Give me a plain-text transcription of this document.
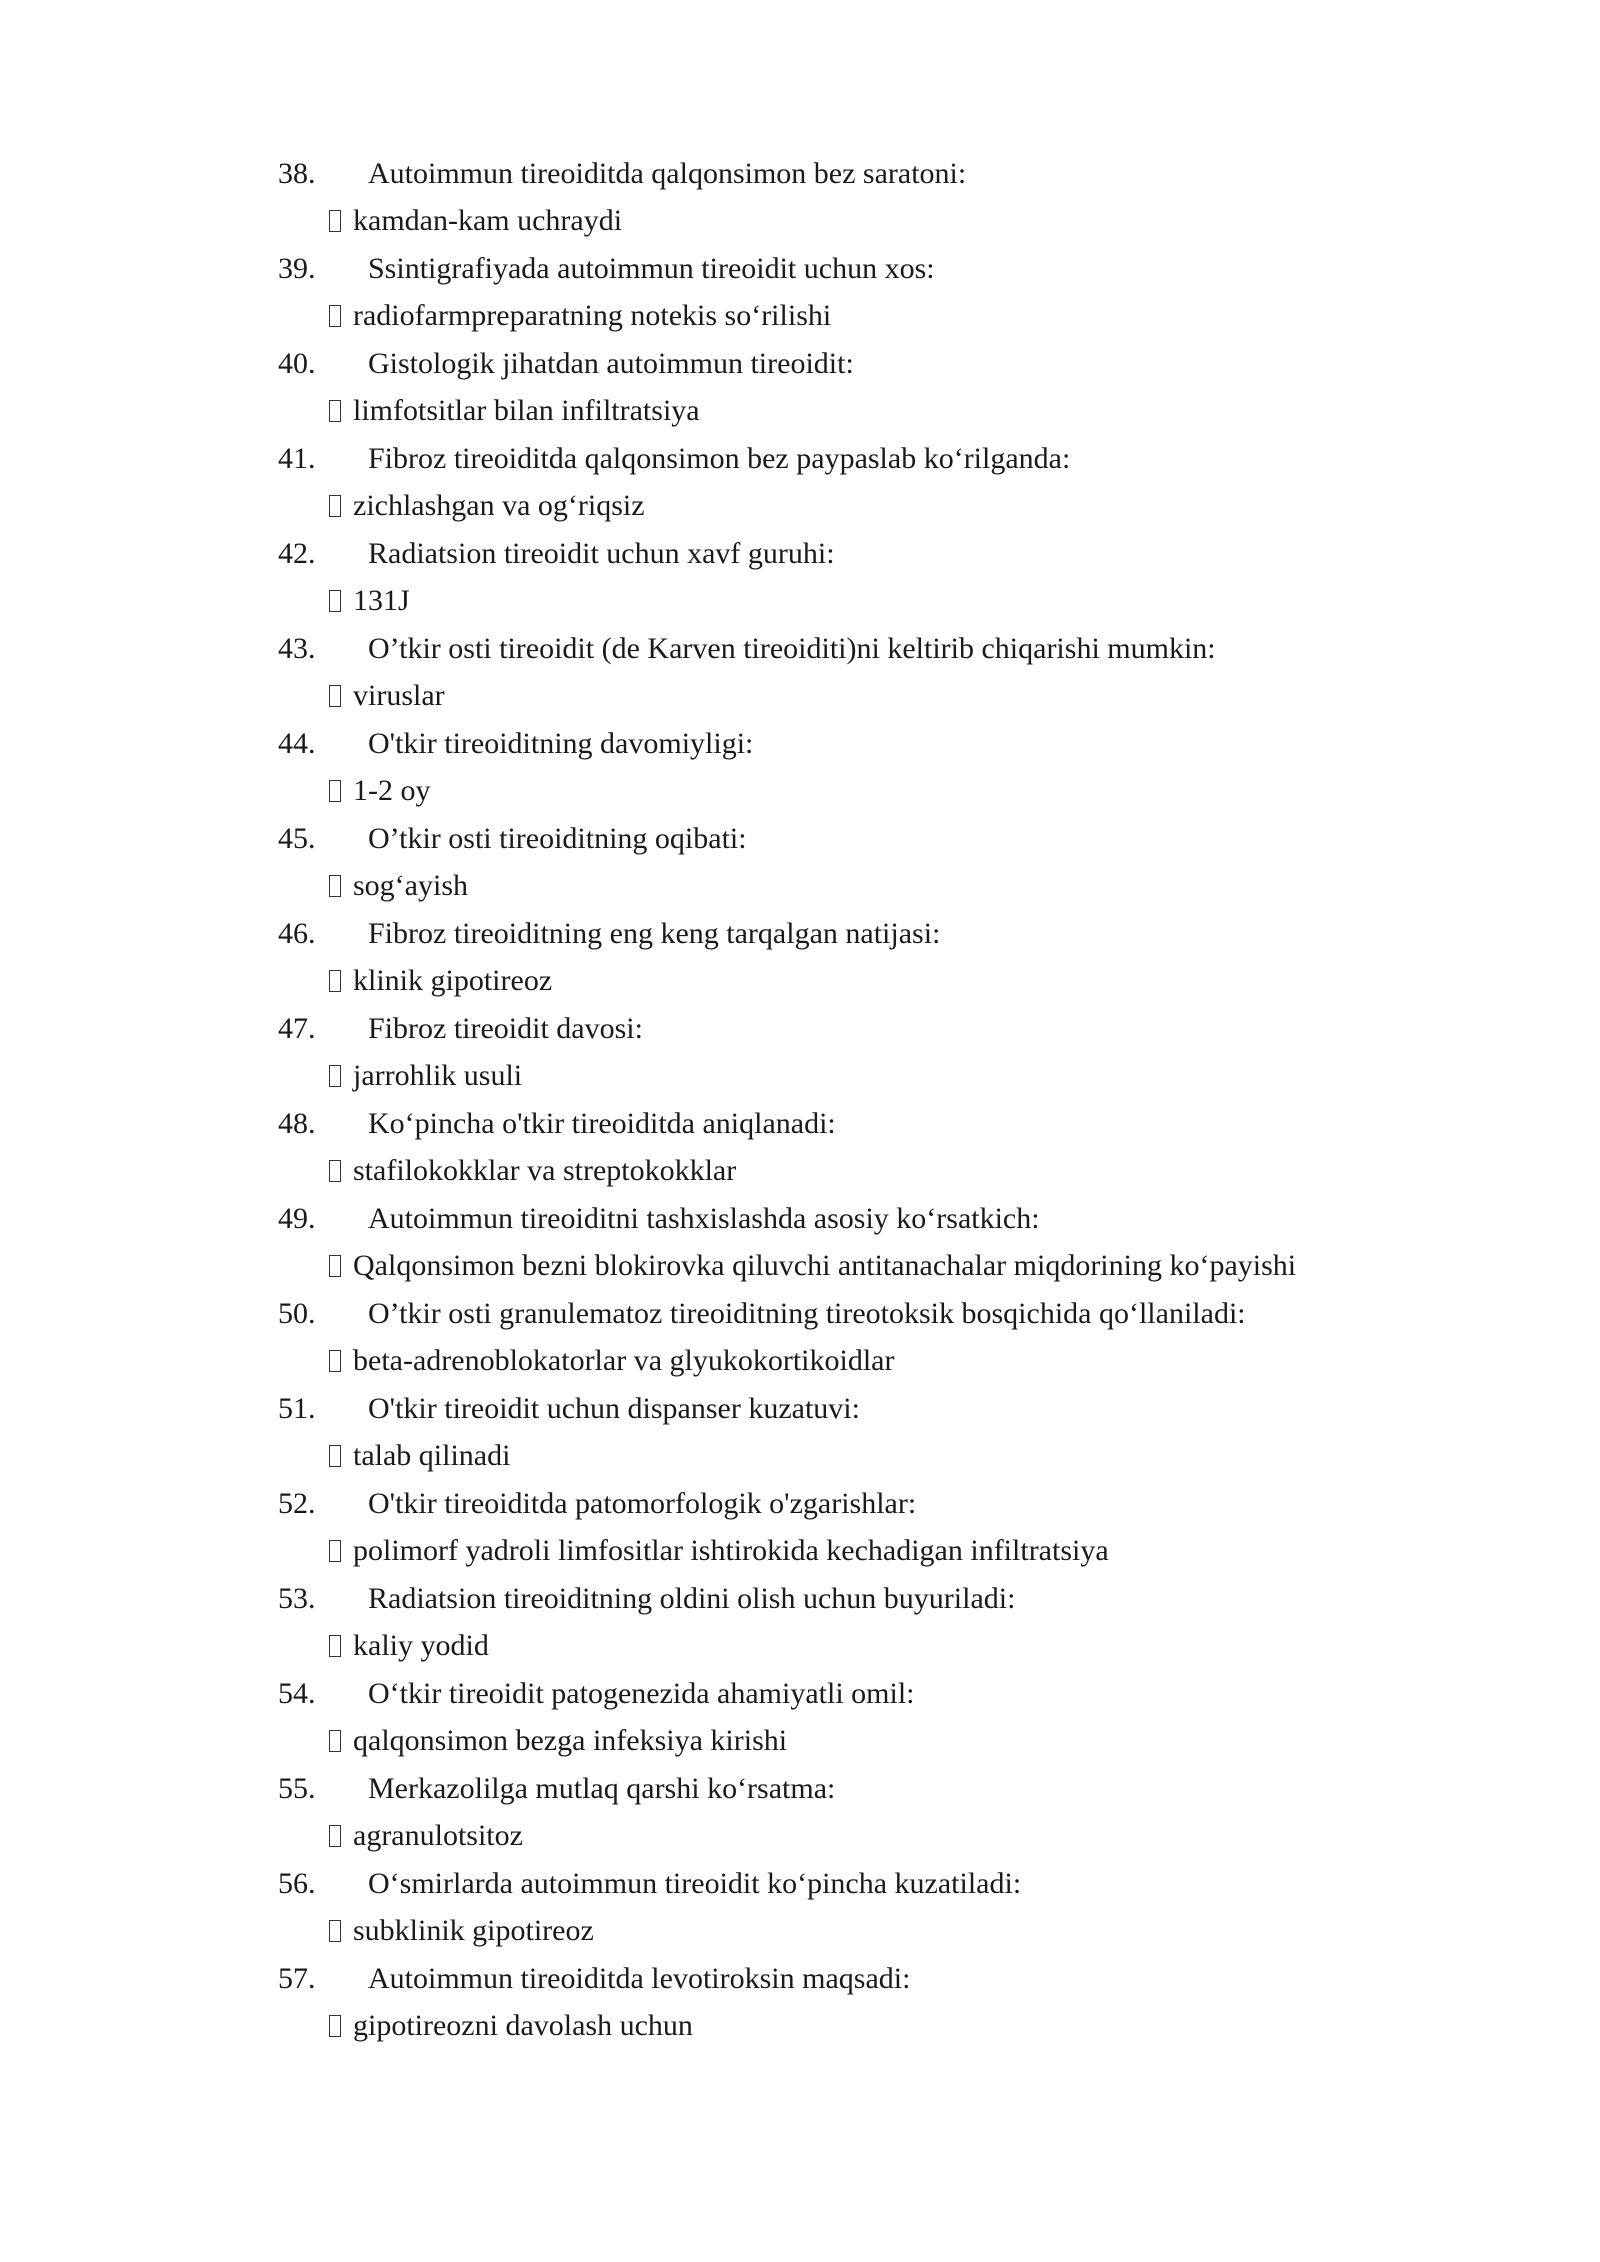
38. Autoimmun tireoiditda qalqonsimon bez saratoni:
kamdan-kam uchraydi
39. Ssintigrafiyada autoimmun tireoidit uchun xos:
radiofarmpreparatning notekis so‘rilishi
40. Gistologik jihatdan autoimmun tireoidit:
limfotsitlar bilan infiltratsiya
41. Fibroz tireoiditda qalqonsimon bez paypaslab ko‘rilganda:
zichlashgan va og‘riqsiz
42. Radiatsion tireoidit uchun xavf guruhi:
131J
43. O’tkir osti tireoidit (de Karven tireoiditi)ni keltirib chiqarishi mumkin:
viruslar
44. O'tkir tireoiditning davomiyligi:
1-2 oy
45. O’tkir osti tireoiditning oqibati:
sog‘ayish
46. Fibroz tireoiditning eng keng tarqalgan natijasi:
klinik gipotireoz
47. Fibroz tireoidit davosi:
jarrohlik usuli
48. Ko‘pincha o'tkir tireoiditda aniqlanadi:
stafilokokklar va streptokokklar
49. Autoimmun tireoiditni tashxislashda asosiy ko‘rsatkich:
Qalqonsimon bezni blokirovka qiluvchi antitanachalar miqdorining ko‘payishi
50. O’tkir osti granulematoz tireoiditning tireotoksik bosqichida qo‘llaniladi:
beta-adrenoblokatorlar va glyukokortikoidlar
51. O'tkir tireoidit uchun dispanser kuzatuvi:
talab qilinadi
52. O'tkir tireoiditda patomorfologik o'zgarishlar:
polimorf yadroli limfositlar ishtirokida kechadigan infiltratsiya
53. Radiatsion tireoiditning oldini olish uchun buyuriladi:
kaliy yodid
54. O‘tkir tireoidit patogenezida ahamiyatli omil:
qalqonsimon bezga infeksiya kirishi
55. Merkazolilga mutlaq qarshi ko‘rsatma:
agranulotsitoz
56. O‘smirlarda autoimmun tireoidit ko‘pincha kuzatiladi:
subklinik gipotireoz
57. Autoimmun tireoiditda levotiroksin maqsadi:
gipotireozni davolash uchun
